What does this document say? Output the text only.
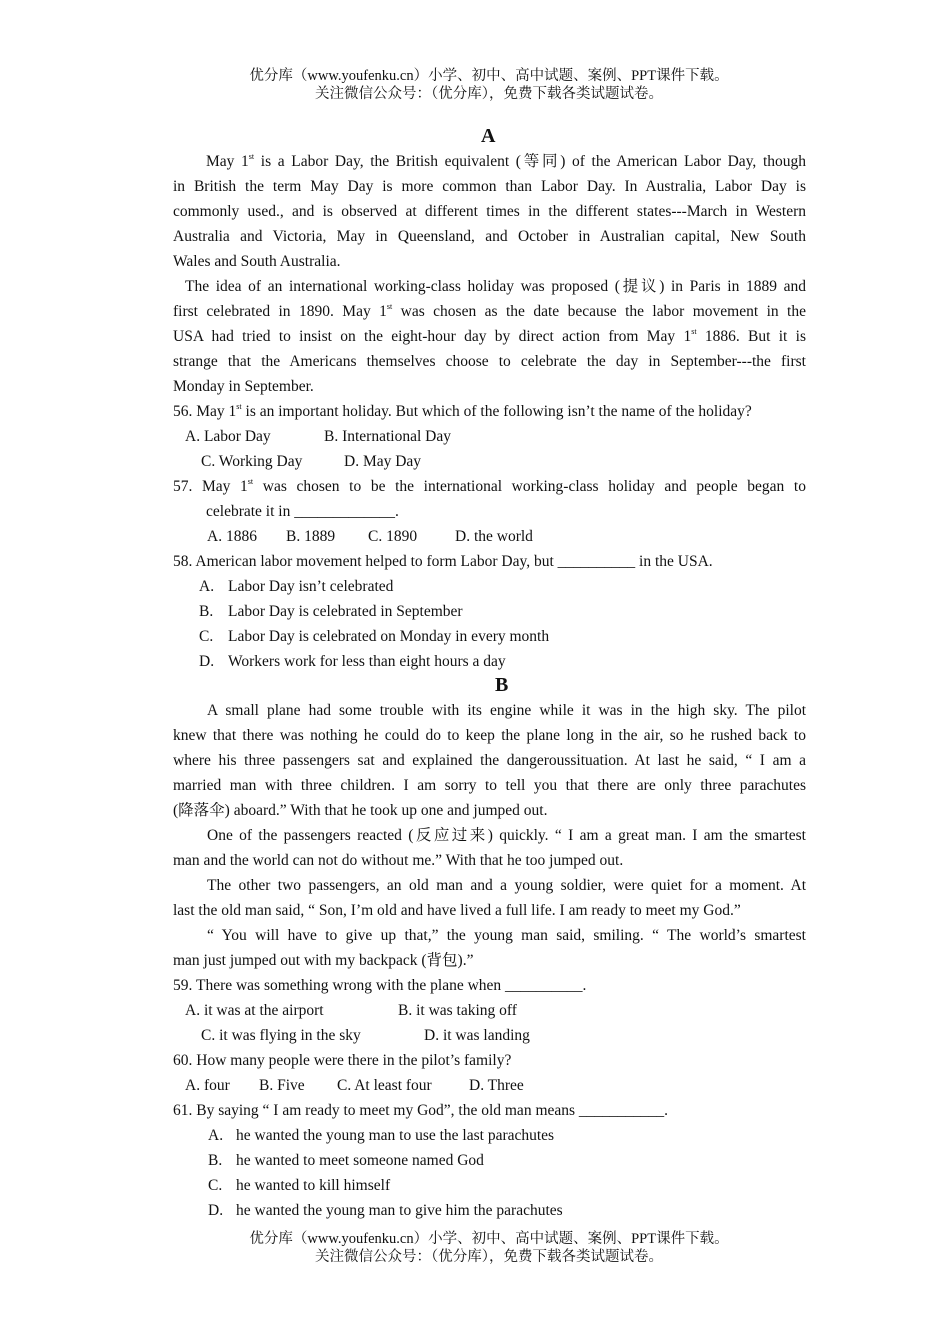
优分库（www.youfenku.cn）小学、初中、高中试题、案例、PPT课件下载。
关注微信公众号：（优分库），免费下载各类试题试卷。
A
May 1st is a Labor Day, the British equivalent (等同) of the American Labor Day, though
in British the term May Day is more common than Labor Day. In Australia, Labor Day is
commonly used., and is observed at different times in the different states---March in Western
Australia and Victoria, May in Queensland, and October in Australian capital, New South
Wales and South Australia.
The idea of an international working-class holiday was proposed (提议) in Paris in 1889 and
first celebrated in 1890. May 1st was chosen as the date because the labor movement in the
USA had tried to insist on the eight-hour day by direct action from May 1st 1886. But it is
strange that the Americans themselves choose to celebrate the day in September---the first
Monday in September.
56. May 1st is an important holiday. But which of the following isn’t the name of the holiday?
A. Labor Day	B. International Day
C. Working Day	D. May Day
57. May 1st was chosen to be the international working-class holiday and people began to
celebrate it in _____________.
A. 1886 B. 1889 C. 1890 D. the world
58. American labor movement helped to form Labor Day, but __________ in the USA.
A. Labor Day isn’t celebrated
B. Labor Day is celebrated in September
C. Labor Day is celebrated on Monday in every month
D. Workers work for less than eight hours a day
B
A small plane had some trouble with its engine while it was in the high sky. The pilot
knew that there was nothing he could do to keep the plane long in the air, so he rushed back to
where his three passengers sat and explained the dangeroussituation. At last he said, “ I am a
married man with three children. I am sorry to tell you that there are only three parachutes
(降落伞) aboard.” With that he took up one and jumped out.
One of the passengers reacted (反应过来) quickly. “ I am a great man. I am the smartest
man and the world can not do without me.” With that he too jumped out.
The other two passengers, an old man and a young soldier, were quiet for a moment. At
last the old man said, “ Son, I’m old and have lived a full life. I am ready to meet my God.”
“ You will have to give up that,” the young man said, smiling. “ The world’s smartest
man just jumped out with my backpack (背包).”
59. There was something wrong with the plane when __________.
A. it was at the airport	B. it was taking off
C. it was flying in the sky	D. it was landing
60. How many people were there in the pilot’s family?
A. four B. Five C. At least four D. Three
61. By saying “ I am ready to meet my God”, the old man means ___________.
A. he wanted the young man to use the last parachutes
B. he wanted to meet someone named God
C. he wanted to kill himself
D. he wanted the young man to give him the parachutes
优分库（www.youfenku.cn）小学、初中、高中试题、案例、PPT课件下载。
关注微信公众号：（优分库），免费下载各类试题试卷。
